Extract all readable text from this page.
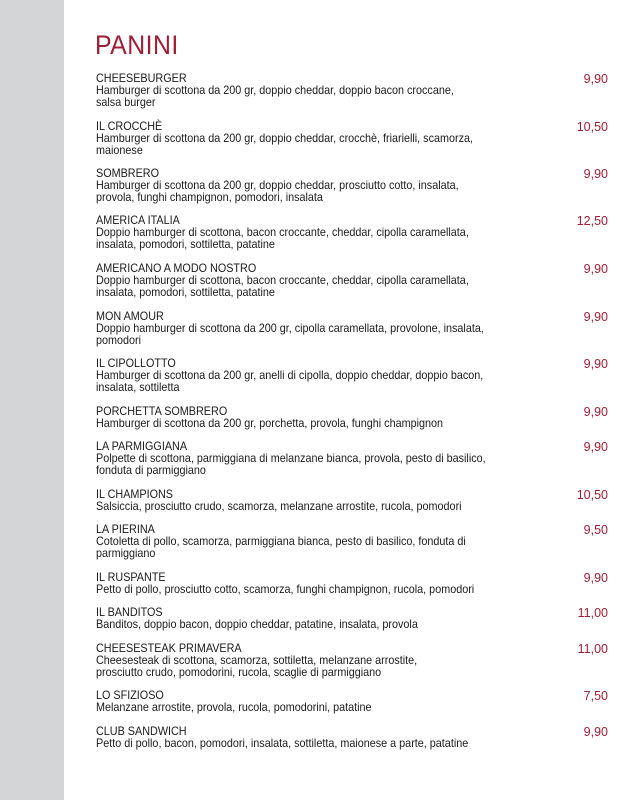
PANINI
CHEESEBURGER
Hamburger di scottona da 200 gr, doppio cheddar, doppio bacon croccane,
salsa burger
9,90
IL CROCCHÈ
Hamburger di scottona da 200 gr, doppio cheddar, crocchè, friarielli, scamorza,
maionese
10,50
SOMBRERO
Hamburger di scottona da 200 gr, doppio cheddar, prosciutto cotto, insalata,
provola, funghi champignon, pomodori, insalata
9,90
AMERICA ITALIA
Doppio hamburger di scottona, bacon croccante, cheddar, cipolla caramellata,
insalata, pomodori, sottiletta, patatine
12,50
AMERICANO A MODO NOSTRO
Doppio hamburger di scottona, bacon croccante, cheddar, cipolla caramellata,
insalata, pomodori, sottiletta, patatine
9,90
MON AMOUR
Doppio hamburger di scottona da 200 gr, cipolla caramellata, provolone, insalata,
pomodori
9,90
IL CIPOLLOTTO
Hamburger di scottona da 200 gr, anelli di cipolla, doppio cheddar, doppio bacon,
insalata, sottiletta
9,90
PORCHETTA SOMBRERO
Hamburger di scottona da 200 gr, porchetta, provola, funghi champignon
9,90
LA PARMIGGIANA
Polpette di scottona, parmiggiana di melanzane bianca, provola, pesto di basilico,
fonduta di parmiggiano
9,90
IL CHAMPIONS
Salsiccia, prosciutto crudo, scamorza, melanzane arrostite, rucola, pomodori
10,50
LA PIERINA
Cotoletta di pollo, scamorza, parmiggiana bianca, pesto di basilico, fonduta di
parmiggiano
9,50
IL RUSPANTE
Petto di pollo, prosciutto cotto, scamorza, funghi champignon, rucola, pomodori
9,90
IL BANDITOS
Banditos, doppio bacon, doppio cheddar, patatine, insalata, provola
11,00
CHEESESTEAK PRIMAVERA
Cheesesteak di scottona, scamorza, sottiletta, melanzane arrostite,
prosciutto crudo, pomodorini, rucola, scaglie di parmiggiano
11,00
LO SFIZIOSO
Melanzane arrostite, provola, rucola, pomodorini, patatine
7,50
CLUB SANDWICH
Petto di pollo, bacon, pomodori, insalata, sottiletta, maionese a parte, patatine
9,90
